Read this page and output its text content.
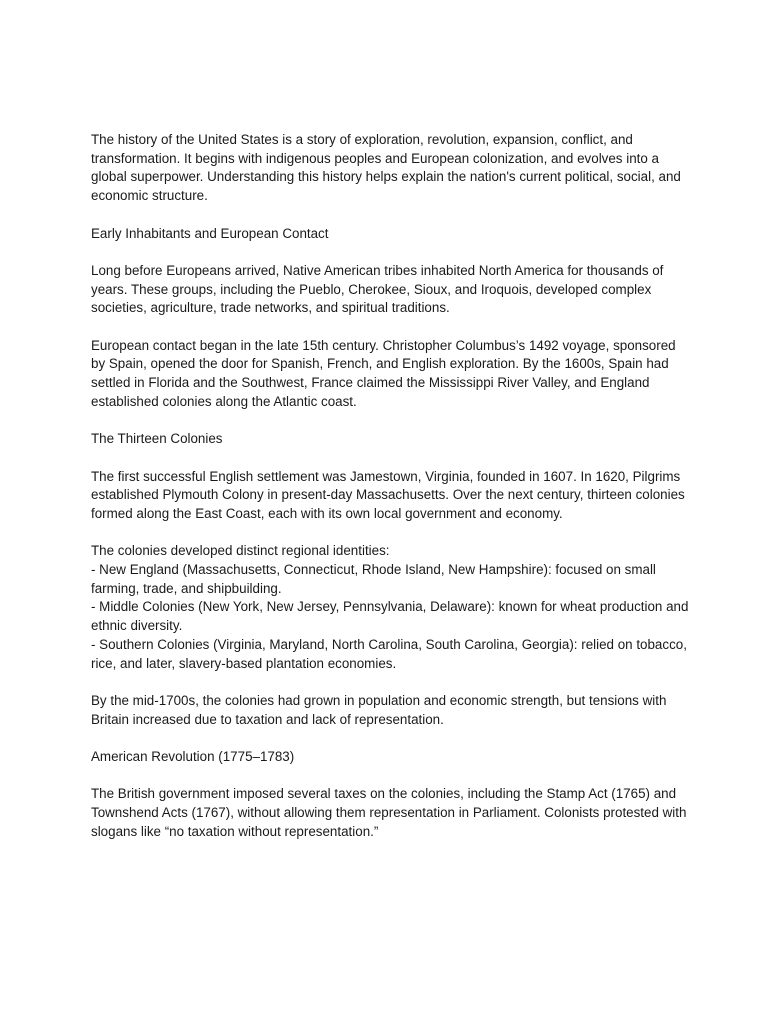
The history of the United States is a story of exploration, revolution, expansion, conflict, and transformation. It begins with indigenous peoples and European colonization, and evolves into a global superpower. Understanding this history helps explain the nation's current political, social, and economic structure.

Early Inhabitants and European Contact

Long before Europeans arrived, Native American tribes inhabited North America for thousands of years. These groups, including the Pueblo, Cherokee, Sioux, and Iroquois, developed complex societies, agriculture, trade networks, and spiritual traditions.

European contact began in the late 15th century. Christopher Columbus’s 1492 voyage, sponsored by Spain, opened the door for Spanish, French, and English exploration. By the 1600s, Spain had settled in Florida and the Southwest, France claimed the Mississippi River Valley, and England established colonies along the Atlantic coast.

The Thirteen Colonies

The first successful English settlement was Jamestown, Virginia, founded in 1607. In 1620, Pilgrims established Plymouth Colony in present-day Massachusetts. Over the next century, thirteen colonies formed along the East Coast, each with its own local government and economy.

The colonies developed distinct regional identities:

- New England (Massachusetts, Connecticut, Rhode Island, New Hampshire): focused on small farming, trade, and shipbuilding.
- Middle Colonies (New York, New Jersey, Pennsylvania, Delaware): known for wheat production and ethnic diversity.
- Southern Colonies (Virginia, Maryland, North Carolina, South Carolina, Georgia): relied on tobacco, rice, and later, slavery-based plantation economies.

By the mid-1700s, the colonies had grown in population and economic strength, but tensions with Britain increased due to taxation and lack of representation.

American Revolution (1775–1783)

The British government imposed several taxes on the colonies, including the Stamp Act (1765) and Townshend Acts (1767), without allowing them representation in Parliament. Colonists protested with slogans like “no taxation without representation.”
